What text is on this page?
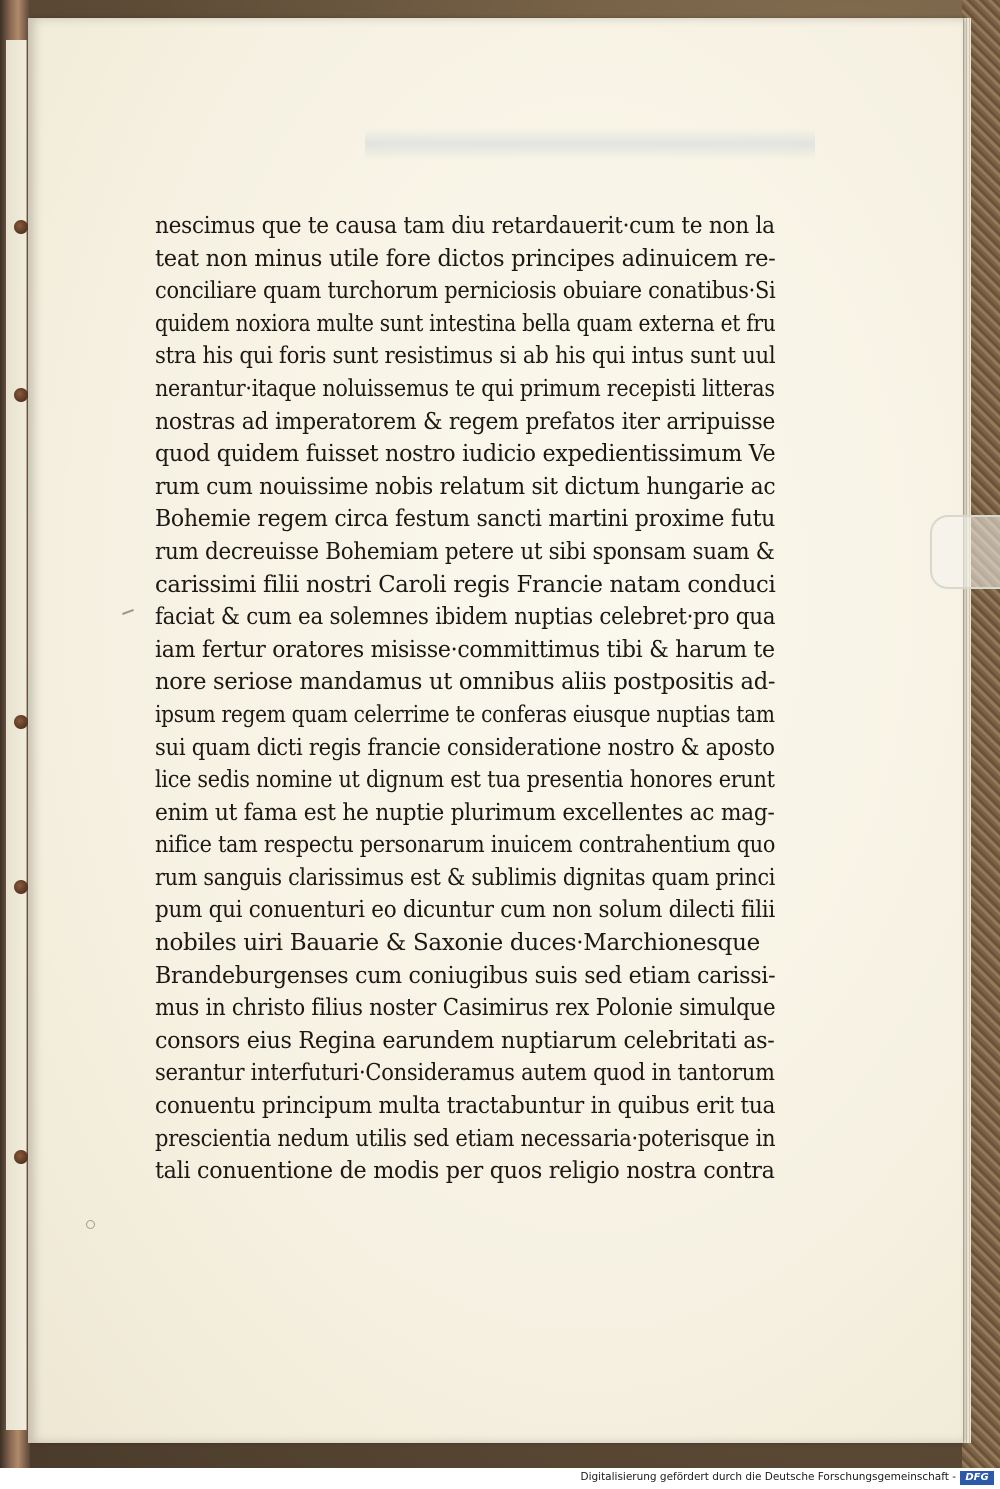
nescimus que te causa tam diu retardauerit·cum te non la
teat non minus utile fore dictos principes adinuicem re-
conciliare quam turchorum perniciosis obuiare conatibus·Si
quidem noxiora multe sunt intestina bella quam externa et fru
stra his qui foris sunt resistimus si ab his qui intus sunt uul
nerantur·itaque noluissemus te qui primum recepisti litteras
nostras ad imperatorem & regem prefatos iter arripuisse
quod quidem fuisset nostro iudicio expedientissimum Ve
rum cum nouissime nobis relatum sit dictum hungarie ac
Bohemie regem circa festum sancti martini proxime futu
rum decreuisse Bohemiam petere ut sibi sponsam suam &
carissimi filii nostri Caroli regis Francie natam conduci
faciat & cum ea solemnes ibidem nuptias celebret·pro qua
iam fertur oratores misisse·committimus tibi & harum te
nore seriose mandamus ut omnibus aliis postpositis ad-
ipsum regem quam celerrime te conferas eiusque nuptias tam
sui quam dicti regis francie consideratione nostro & aposto
lice sedis nomine ut dignum est tua presentia honores erunt
enim ut fama est he nuptie plurimum excellentes ac mag-
nifice tam respectu personarum inuicem contrahentium quo
rum sanguis clarissimus est & sublimis dignitas quam princi
pum qui conuenturi eo dicuntur cum non solum dilecti filii
nobiles uiri Bauarie & Saxonie duces·Marchionesque
Brandeburgenses cum coniugibus suis sed etiam carissi-
mus in christo filius noster Casimirus rex Polonie simulque
consors eius Regina earundem nuptiarum celebritati as-
serantur interfuturi·Consideramus autem quod in tantorum
conuentu principum multa tractabuntur in quibus erit tua
prescientia nedum utilis sed etiam necessaria·poterisque in
tali conuentione de modis per quos religio nostra contra
Digitalisierung gefördert durch die Deutsche Forschungsgemeinschaft - DFG
